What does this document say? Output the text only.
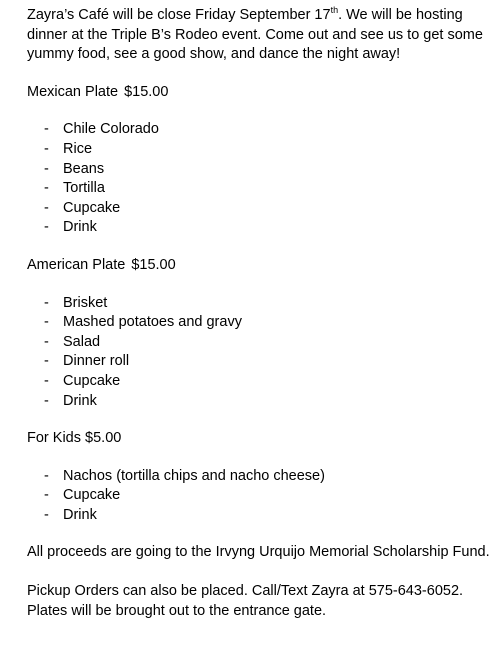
Zayra’s Café will be close Friday September 17th. We will be hosting dinner at the Triple B’s Rodeo event. Come out and see us to get some yummy food, see a good show, and dance the night away!

Mexican Plate $15.00

- Chile Colorado
- Rice
- Beans
- Tortilla
- Cupcake
- Drink

American Plate $15.00

- Brisket
- Mashed potatoes and gravy
- Salad
- Dinner roll
- Cupcake
- Drink

For Kids $5.00

- Nachos (tortilla chips and nacho cheese)
- Cupcake
- Drink

All proceeds are going to the Irvyng Urquijo Memorial Scholarship Fund.

Pickup Orders can also be placed. Call/Text Zayra at 575-643-6052. Plates will be brought out to the entrance gate.
